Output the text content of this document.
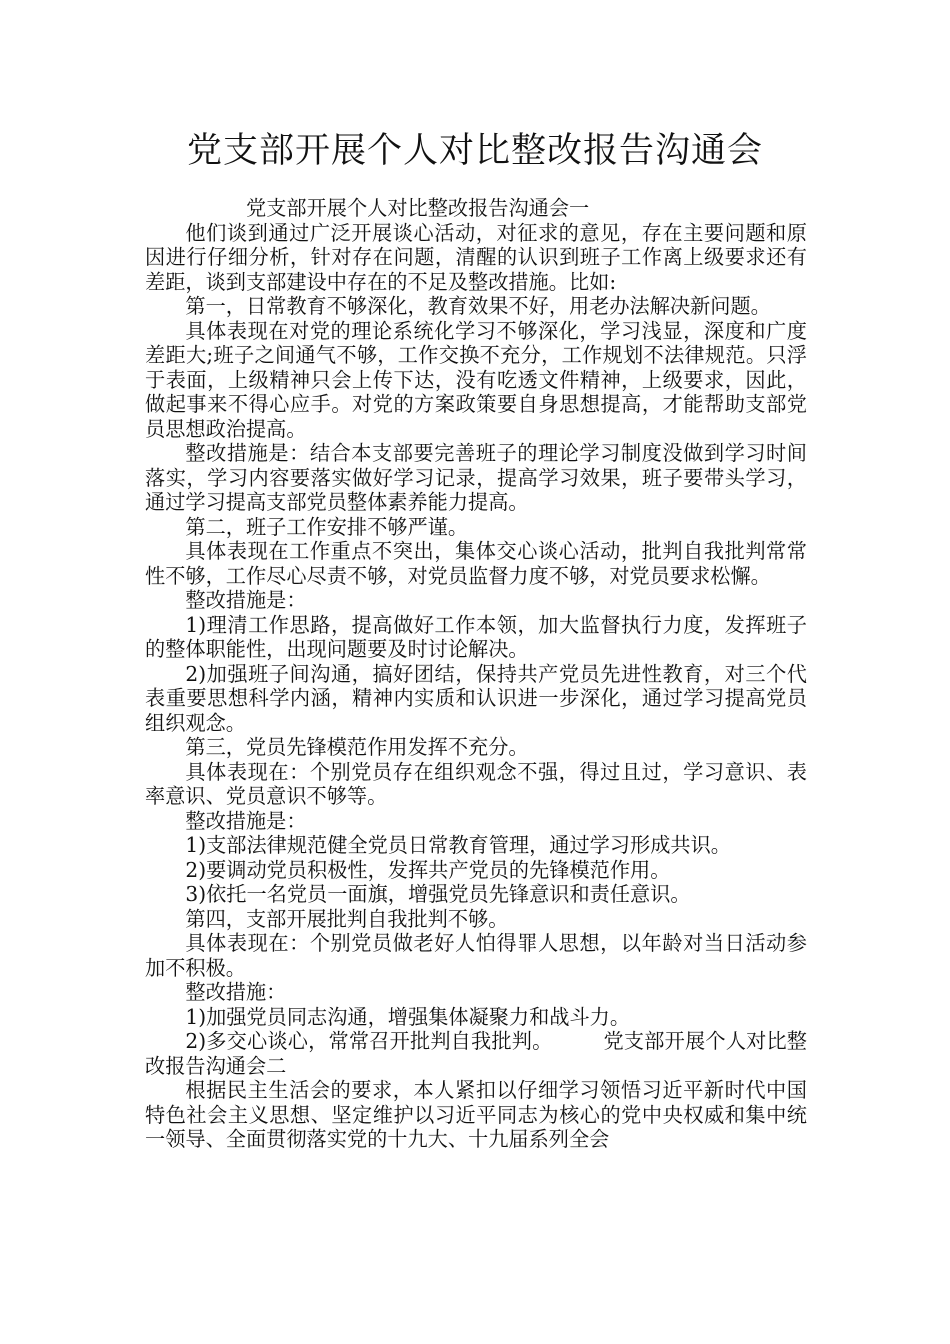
党支部开展个人对比整改报告沟通会

党支部开展个人对比整改报告沟通会一

他们谈到通过广泛开展谈心活动，对征求的意见，存在主要问题和原因进行仔细分析，针对存在问题，清醒的认识到班子工作离上级要求还有差距，谈到支部建设中存在的不足及整改措施。比如:

第一，日常教育不够深化，教育效果不好，用老办法解决新问题。

具体表现在对党的理论系统化学习不够深化，学习浅显，深度和广度差距大;班子之间通气不够，工作交换不充分，工作规划不法律规范。只浮于表面，上级精神只会上传下达，没有吃透文件精神，上级要求，因此，做起事来不得心应手。对党的方案政策要自身思想提高，才能帮助支部党员思想政治提高。

整改措施是：结合本支部要完善班子的理论学习制度没做到学习时间落实，学习内容要落实做好学习记录，提高学习效果，班子要带头学习，通过学习提高支部党员整体素养能力提高。

第二，班子工作安排不够严谨。

具体表现在工作重点不突出，集体交心谈心活动，批判自我批判常常性不够，工作尽心尽责不够，对党员监督力度不够，对党员要求松懈。

整改措施是：

1)理清工作思路，提高做好工作本领，加大监督执行力度，发挥班子的整体职能性，出现问题要及时讨论解决。

2)加强班子间沟通，搞好团结，保持共产党员先进性教育，对三个代表重要思想科学内涵，精神内实质和认识进一步深化，通过学习提高党员组织观念。

第三，党员先锋模范作用发挥不充分。

具体表现在：个别党员存在组织观念不强，得过且过，学习意识、表率意识、党员意识不够等。

整改措施是：

1)支部法律规范健全党员日常教育管理，通过学习形成共识。

2)要调动党员积极性，发挥共产党员的先锋模范作用。

3)依托一名党员一面旗，增强党员先锋意识和责任意识。

第四，支部开展批判自我批判不够。

具体表现在：个别党员做老好人怕得罪人思想，以年龄对当日活动参加不积极。

整改措施：

1)加强党员同志沟通，增强集体凝聚力和战斗力。

2)多交心谈心，常常召开批判自我批判。　　　党支部开展个人对比整改报告沟通会二

根据民主生活会的要求，本人紧扣以仔细学习领悟习近平新时代中国特色社会主义思想、坚定维护以习近平同志为核心的党中央权威和集中统一领导、全面贯彻落实党的十九大、十九届系列全会
